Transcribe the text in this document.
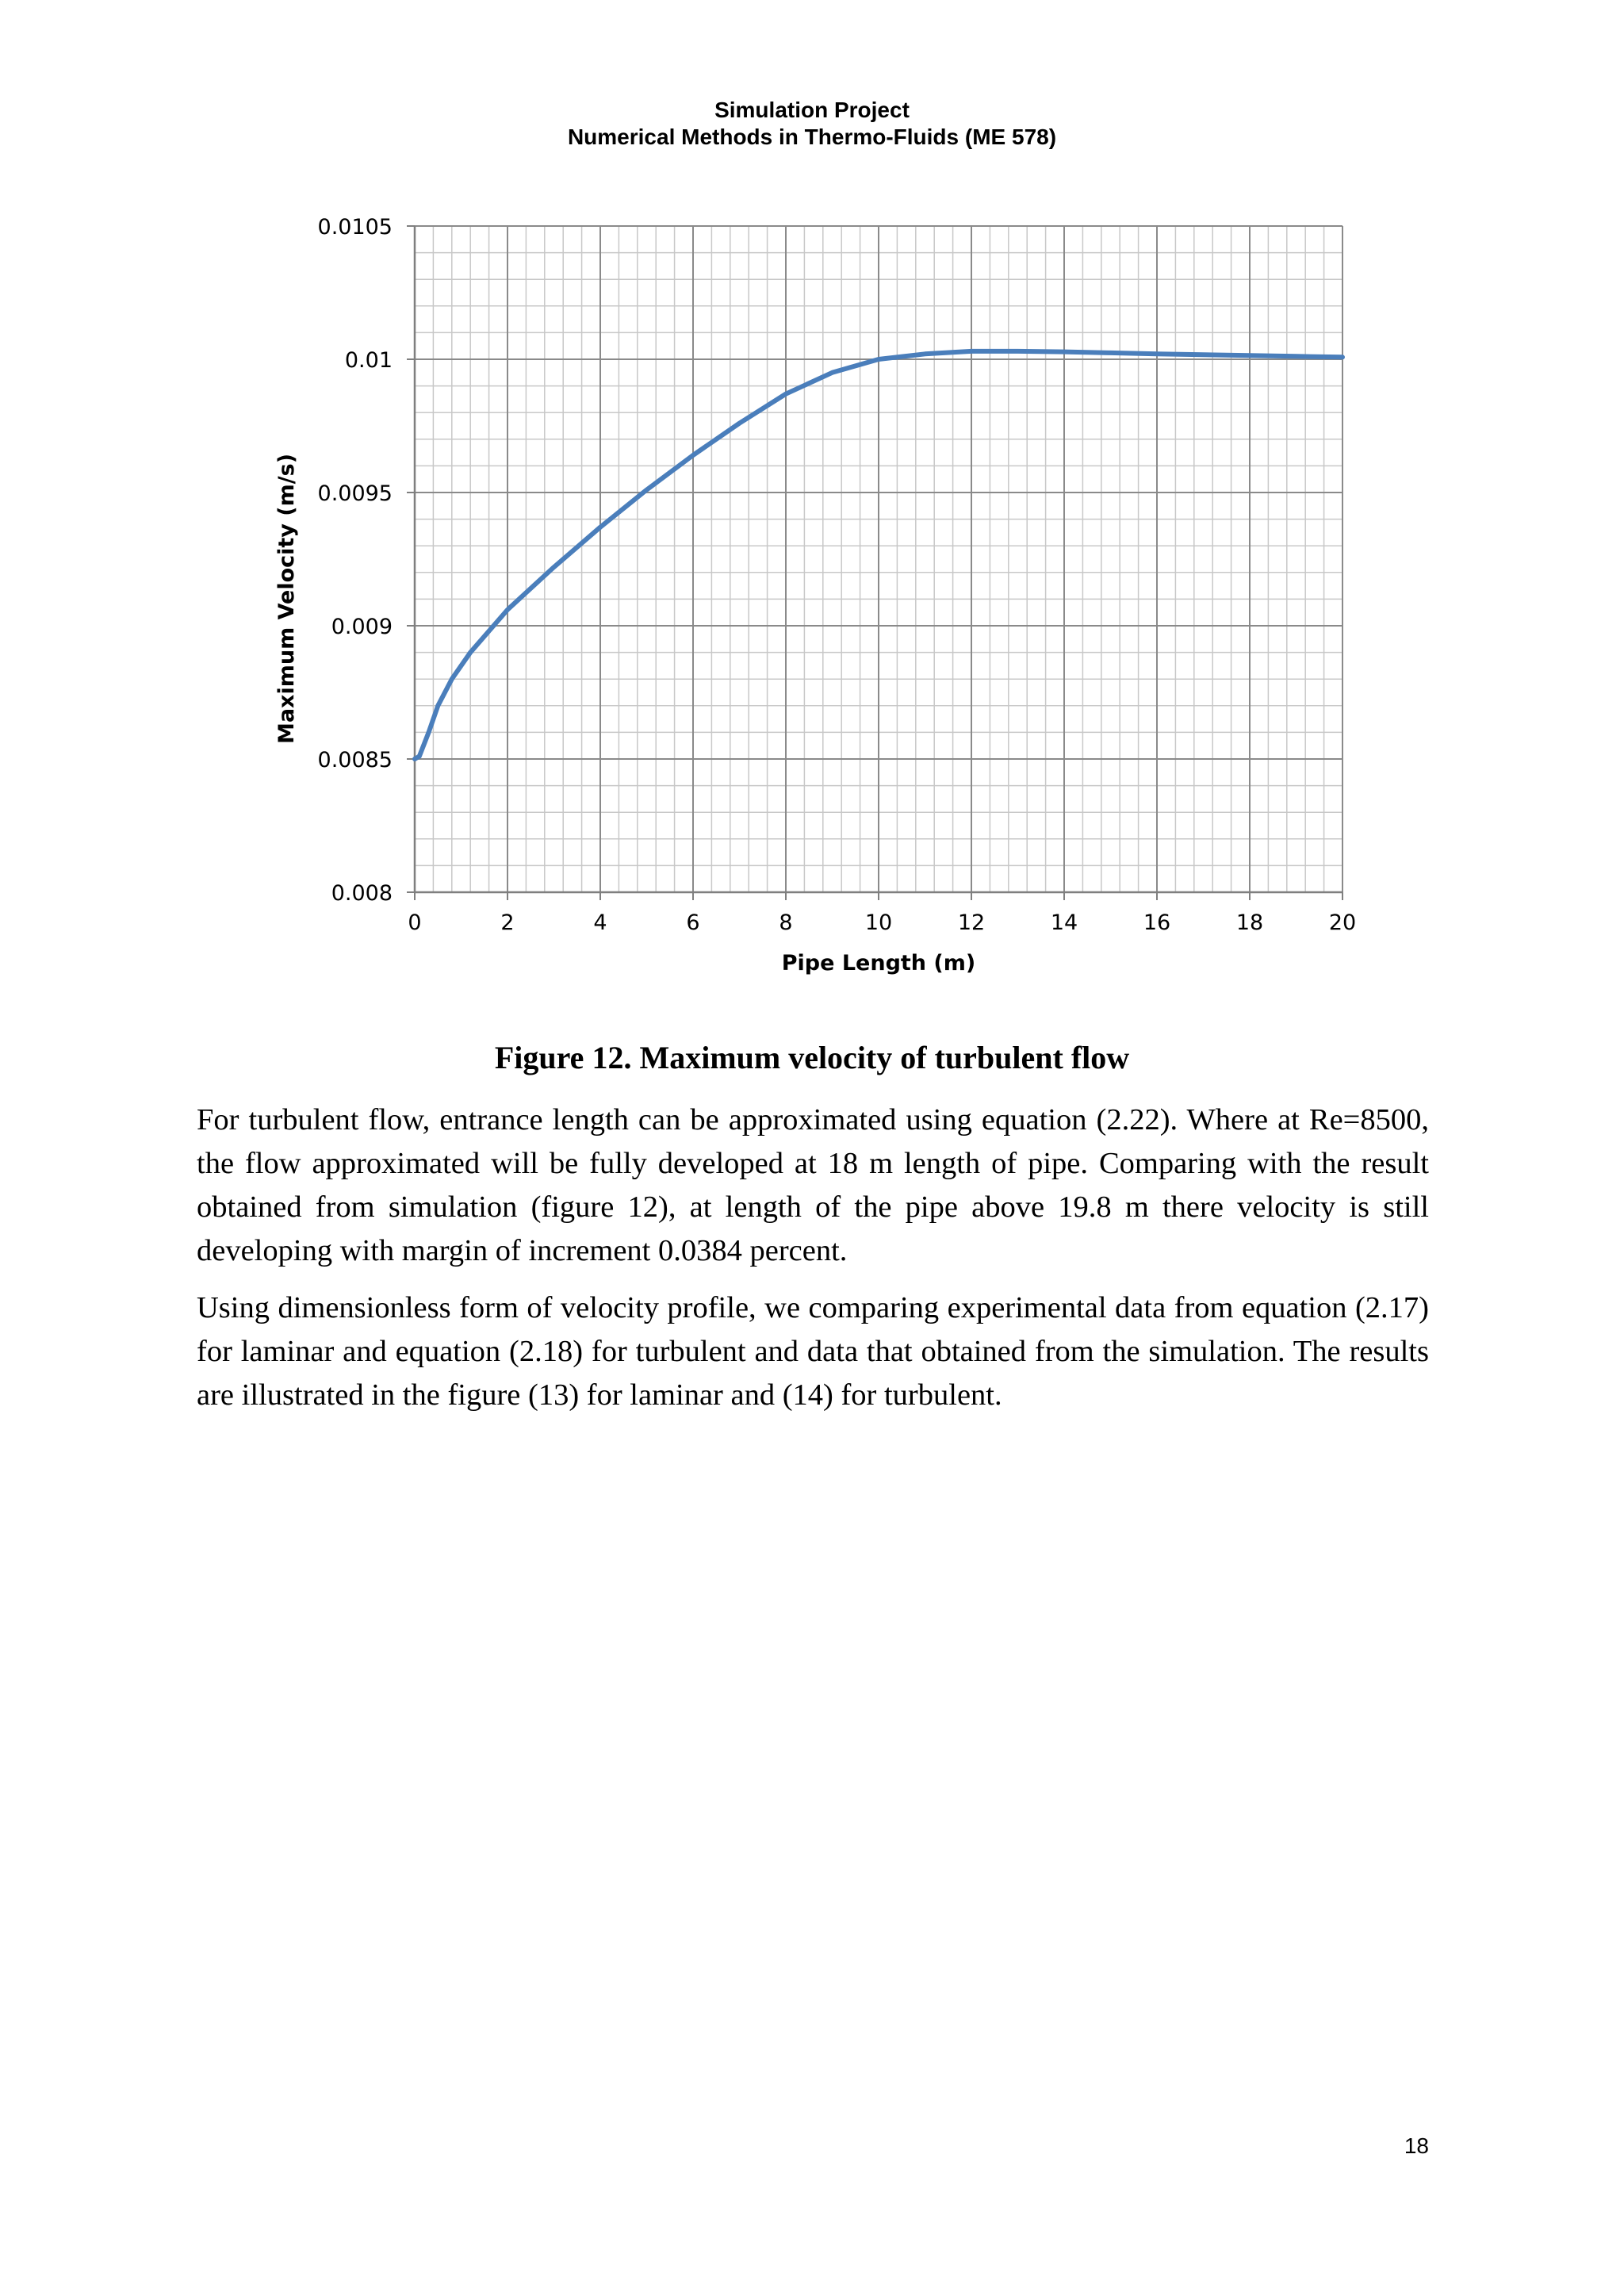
Simulation Project
Numerical Methods in Thermo-Fluids (ME 578)
0	2	4	6	8	10	12	14	16	18	20
0.008
0.0085
0.009
0.0095
0.01
0.0105
Pipe Length (m)
Maximum Velocity (m/s)
Figure 12. Maximum velocity of turbulent flow

For turbulent flow, entrance length can be approximated using equation (2.22). Where at Re=8500, the flow approximated will be fully developed at 18 m length of pipe. Comparing with the result obtained from simulation (figure 12), at length of the pipe above 19.8 m there velocity is still developing with margin of increment 0.0384 percent.

Using dimensionless form of velocity profile, we comparing experimental data from equation (2.17) for laminar and equation (2.18) for turbulent and data that obtained from the simulation. The results are illustrated in the figure (13) for laminar and (14) for turbulent.

18
